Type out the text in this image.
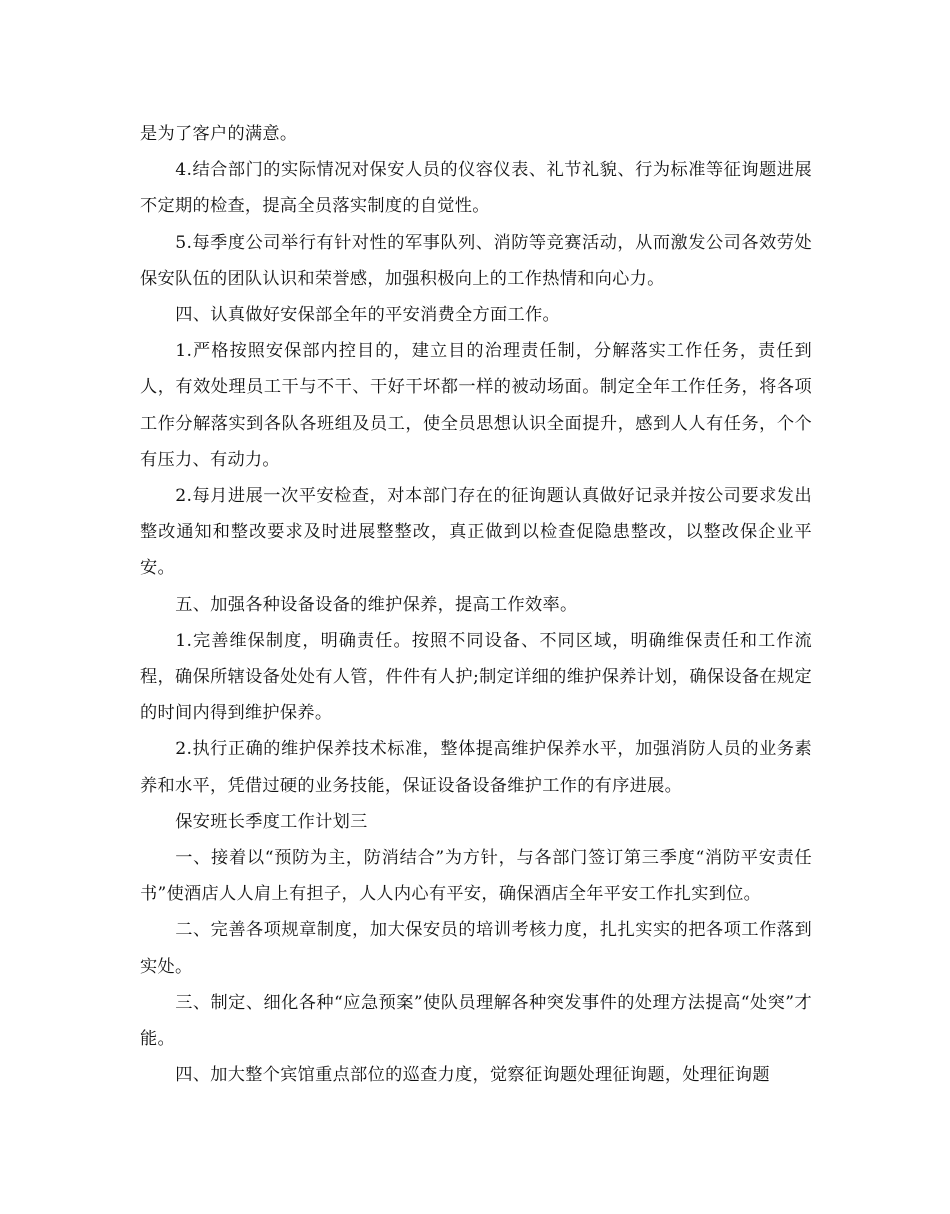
是为了客户的满意。

4.结合部门的实际情况对保安人员的仪容仪表、礼节礼貌、行为标准等征询题进展不定期的检查，提高全员落实制度的自觉性。

5.每季度公司举行有针对性的军事队列、消防等竞赛活动，从而激发公司各效劳处保安队伍的团队认识和荣誉感，加强积极向上的工作热情和向心力。

四、认真做好安保部全年的平安消费全方面工作。

1.严格按照安保部内控目的，建立目的治理责任制，分解落实工作任务，责任到人，有效处理员工干与不干、干好干坏都一样的被动场面。制定全年工作任务，将各项工作分解落实到各队各班组及员工，使全员思想认识全面提升，感到人人有任务，个个有压力、有动力。

2.每月进展一次平安检查，对本部门存在的征询题认真做好记录并按公司要求发出整改通知和整改要求及时进展整整改，真正做到以检查促隐患整改，以整改保企业平安。

五、加强各种设备设备的维护保养，提高工作效率。

1.完善维保制度，明确责任。按照不同设备、不同区域，明确维保责任和工作流程，确保所辖设备处处有人管，件件有人护;制定详细的维护保养计划，确保设备在规定的时间内得到维护保养。

2.执行正确的维护保养技术标准，整体提高维护保养水平，加强消防人员的业务素养和水平，凭借过硬的业务技能，保证设备设备维护工作的有序进展。

保安班长季度工作计划三

一、接着以“预防为主，防消结合”为方针，与各部门签订第三季度“消防平安责任书”使酒店人人肩上有担子，人人内心有平安，确保酒店全年平安工作扎实到位。

二、完善各项规章制度，加大保安员的培训考核力度，扎扎实实的把各项工作落到实处。

三、制定、细化各种“应急预案”使队员理解各种突发事件的处理方法提高“处突”才能。

四、加大整个宾馆重点部位的巡查力度，觉察征询题处理征询题，处理征询题
